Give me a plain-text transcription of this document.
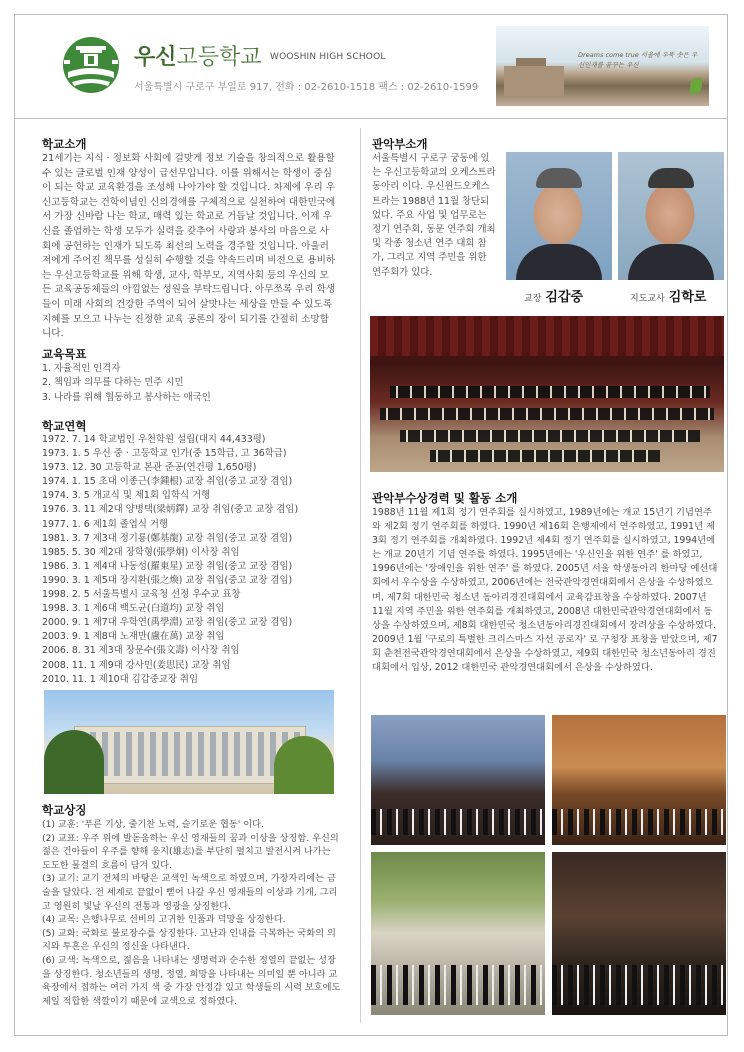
우신고등학교 WOOSHIN HIGH SCHOOL
서울특별시 구로구 부일로 917, 전화 : 02-2610-1518 팩스 : 02-2610-1599
Dreams come true 서울에 우뚝 솟은 우신인재를 꿈꾸는 우신
학교소개

21세기는 지식 · 정보화 사회에 걸맞게 정보 기술을 창의적으로 활용할 수 있는 글로벌 인재 양성이 급선무입니다. 이를 위해서는 학생이 중심이 되는 학교 교육환경을 조성해 나아가야 할 것입니다. 차제에 우리 우신고등학교는 건학이념인 신의경애를 구체적으로 실천하여 대한민국에서 가장 신바람 나는 학교, 매력 있는 학교로 거듭날 것입니다. 이제 우신을 졸업하는 학생 모두가 실력을 갖추어 사랑과 봉사의 마음으로 사회에 공헌하는 인재가 되도록 최선의 노력을 경주할 것입니다. 아울러 저에게 주어진 책무를 성실히 수행할 것을 약속드리며 비전으로 용비하는 우신고등학교를 위해 학생, 교사, 학부모, 지역사회 등의 우신의 모든 교육공동체들의 아낌없는 성원을 부탁드립니다. 아무쪼록 우리 학생들이 미래 사회의 건강한 주역이 되어 살맛나는 세상을 만들 수 있도록 지혜를 모으고 나누는 진정한 교육 공론의 장이 되기를 간절히 소망합니다.

교육목표
1. 자율적인 인격자
2. 책임과 의무를 다하는 민주 시민
3. 나라를 위해 협동하고 봉사하는 애국인
학교연혁
1972. 7. 14 학교법인 우천학원 설립(대지 44,433평)
1973. 1. 5 우신 중 · 고등학교 인가(중 15학급, 고 36학급)
1973. 12. 30 고등학교 본관 준공(연건평 1,650평)
1974. 1. 15 초대 이종근(李鍾根) 교장 취임(중고 교장 겸임)
1974. 3. 5 개교식 및 제1회 입학식 거행
1976. 3. 11 제2대 양병택(梁炳鐸) 교장 취임(중고 교장 겸임)
1977. 1. 6 제1회 졸업식 거행
1981. 3. 7 제3대 정기룡(鄭基龍) 교장 취임(중고 교장 겸임)
1985. 5. 30 제2대 장학형(張學炯) 이사장 취임
1986. 3. 1 제4대 나동성(羅東星) 교장 취임(중고 교장 겸임)
1990. 3. 1 제5대 장지환(張之煥) 교장 취임(중고 교장 겸임)
1998. 2. 5 서울특별시 교육청 선정 우수교 표창
1998. 3. 1 제6대 백도균(白道均) 교장 취임
2000. 9. 1 제7대 우학연(禹學淵) 교장 취임(중고 교장 겸임)
2003. 9. 1 제8대 노재만(盧在萬) 교장 취임
2006. 8. 31 제3대 장문수(張文壽) 이사장 취임
2008. 11. 1 제9대 강사민(姜思民) 교장 취임
2010. 11. 1 제10대 김갑중교장 취임
학교상징
(1) 교훈: '푸른 기상, 줄기찬 노력, 슬기로운 협동' 이다.
(2) 교표: 우주 위에 발돋움하는 우신 영재들의 꿈과 이상을 상징함. 우신의 젊은 건아들이 우주를 향해 웅지(雄志)를 부단히 펼치고 발전시켜 나가는 도도한 물결의 흐름이 담겨 있다.
(3) 교기: 교기 전체의 바탕은 교색인 녹색으로 하였으며, 가장자리에는 금술을 달았다. 전 세계로 끝없이 뻗어 나갈 우신 영재들의 이상과 기개, 그리고 영원히 빛날 우신의 전통과 영광을 상징한다.
(4) 교목: 은행나무로 선비의 고귀한 인품과 덕망을 상징한다.
(5) 교화: 국화로 불로장수를 상징한다. 고난과 인내를 극복하는 국화의 의지와 투혼은 우신의 정신을 나타낸다.
(6) 교색: 녹색으로, 젊음을 나타내는 생명력과 순수한 정열의 끝없는 성장을 상징한다. 청소년들의 생명, 정열, 희망을 나타내는 의미일 뿐 아니라 교육장에서 접하는 여러 가지 색 중 가장 안정감 있고 학생들의 시력 보호에도 제일 적합한 색깔이기 때문에 교색으로 정하였다.
관악부소개

서울특별시 구로구 궁동에 있는 우신고등학교의 오케스트라 동아리 이다. 우신윈드오케스트라는 1988년 11월 창단되었다. 주요 사업 및 업무로는 정기 연주회, 동문 연주회 개최 및 각종 청소년 연주 대회 참가, 그리고 지역 주민을 위한 연주회가 있다.

교장 김갑중	지도교사 김학로
관악부수상경력 및 활동 소개

1988년 11월 제1회 정기 연주회를 실시하였고, 1989년에는 개교 15년기 기념연주와 제2회 정기 연주회를 하였다. 1990년 제16회 은행제에서 연주하였고, 1991년 제3회 정기 연주회를 개최하였다. 1992년 제4회 정기 연주회를 실시하였고, 1994년에는 개교 20년기 기념 연주를 하였다. 1995년에는 '우신인을 위한 연주' 를 하였고, 1996년에는 '장애인을 위한 연주' 를 하였다. 2005년 서울 학생동아리 한마당 예선대회에서 우수상을 수상하였고, 2006년에는 전국관악경연대회에서 은상을 수상하였으며, 제7회 대한민국 청소년 동아리경진대회에서 교육감표창을 수상하였다. 2007년 11월 지역 주민을 위한 연주회를 개최하였고, 2008년 대한민국관악경연대회에서 동상을 수상하였으며, 제8회 대한민국 청소년동아리경진대회에서 장려상을 수상하였다. 2009년 1월 '구로의 특별한 크리스마스 자선 공로자' 로 구청장 표창을 받았으며, 제7회 춘천전국관악경연대회에서 은상을 수상하였고, 제9회 대한민국 청소년동아리 경진대회에서 입상, 2012 대한민국 관악경연대회에서 은상을 수상하였다.
